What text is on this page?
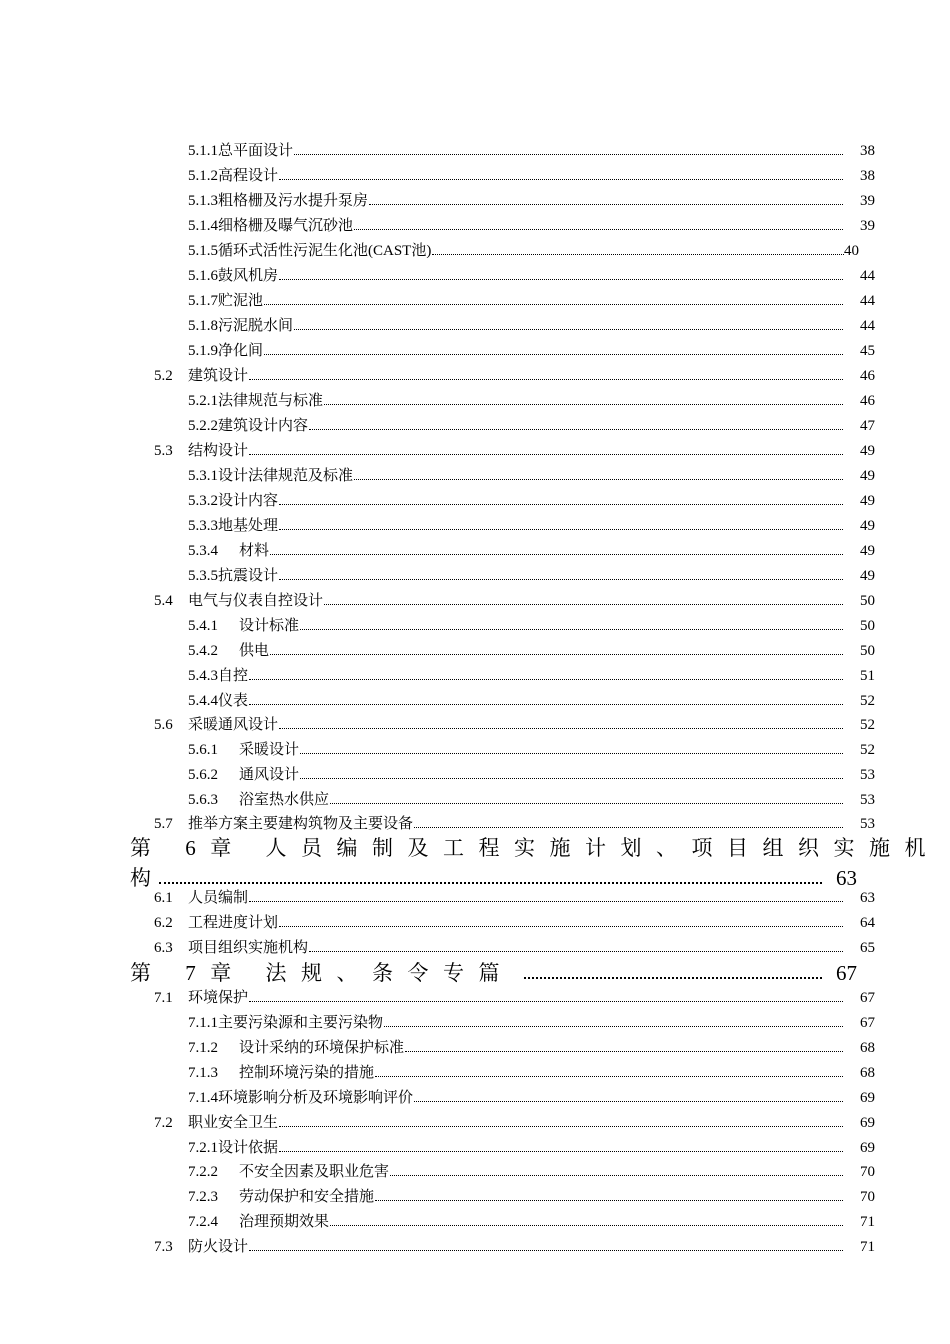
5.1.1 总平面设计	38
5.1.2 高程设计	38
5.1.3 粗格栅及污水提升泵房	39
5.1.4 细格栅及曝气沉砂池	39
5.1.5 循环式活性污泥生化池(CAST池)	40
5.1.6 鼓风机房	44
5.1.7 贮泥池	44
5.1.8 污泥脱水间	44
5.1.9 净化间	45
5.2	建筑设计	46
5.2.1 法律规范与标准	46
5.2.2 建筑设计内容	47
5.3	结构设计	49
5.3.1 设计法律规范及标准	49
5.3.2 设计内容	49
5.3.3 地基处理	49
5.3.4	材料	49
5.3.5 抗震设计	49
5.4	电气与仪表自控设计	50
5.4.1	设计标准	50
5.4.2	供电	50
5.4.3 自控	51
5.4.4 仪表	52
5.6	采暖通风设计	52
5.6.1	采暖设计	52
5.6.2	通风设计	53
5.6.3	浴室热水供应	53
5.7	推举方案主要建构筑物及主要设备	53
第 6章 人员编制及工程实施计划、项目组织实施机
构	63
6.1	人员编制	63
6.2	工程进度计划	64
6.3	项目组织实施机构	65
第 7章 法规、条令专篇	67
7.1	环境保护	67
7.1.1 主要污染源和主要污染物	67
7.1.2	设计采纳的环境保护标准	68
7.1.3	控制环境污染的措施	68
7.1.4 环境影响分析及环境影响评价	69
7.2	职业安全卫生	69
7.2.1 设计依据	69
7.2.2	不安全因素及职业危害	70
7.2.3	劳动保护和安全措施	70
7.2.4	治理预期效果	71
7.3	防火设计	71
